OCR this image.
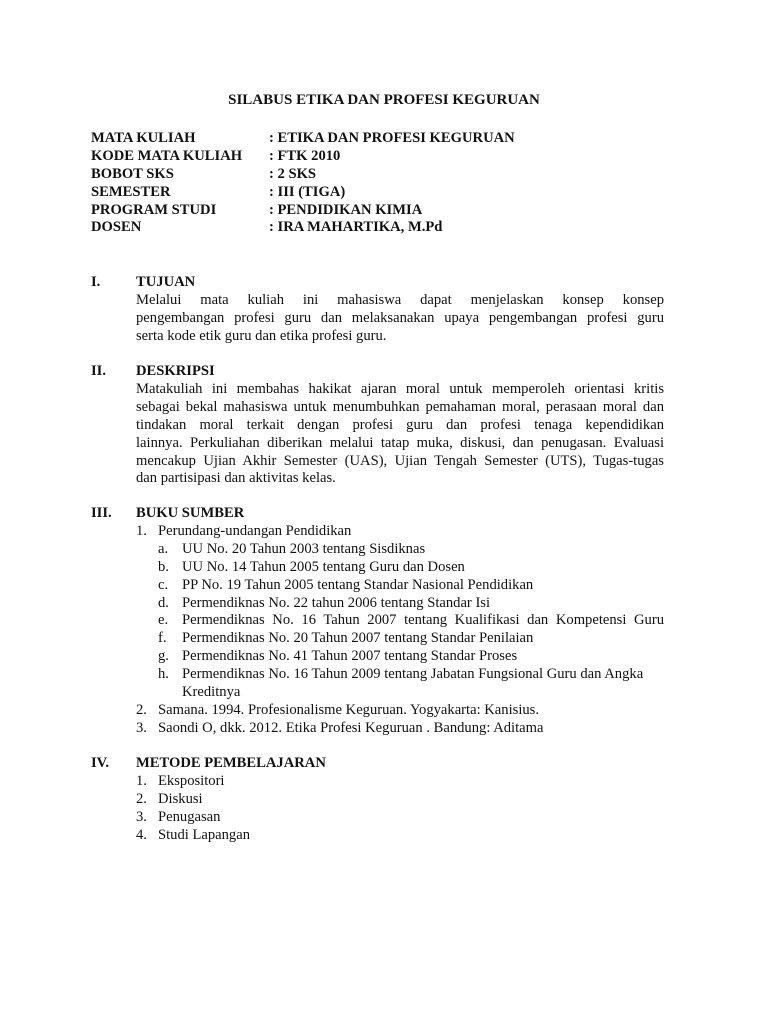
SILABUS ETIKA DAN PROFESI KEGURUAN
MATA KULIAH	: ETIKA DAN PROFESI KEGURUAN
KODE MATA KULIAH : FTK 2010
BOBOT SKS	: 2 SKS
SEMESTER	: III (TIGA)
PROGRAM STUDI	: PENDIDIKAN KIMIA
DOSEN	: IRA MAHARTIKA, M.Pd
I. TUJUAN
Melalui mata kuliah ini mahasiswa dapat menjelaskan konsep konsep
pengembangan profesi guru dan melaksanakan upaya pengembangan profesi guru
serta kode etik guru dan etika profesi guru.
II. DESKRIPSI
Matakuliah ini membahas hakikat ajaran moral untuk memperoleh orientasi kritis
sebagai bekal mahasiswa untuk menumbuhkan pemahaman moral, perasaan moral dan
tindakan moral terkait dengan profesi guru dan profesi tenaga kependidikan
lainnya. Perkuliahan diberikan melalui tatap muka, diskusi, dan penugasan. Evaluasi
mencakup Ujian Akhir Semester (UAS), Ujian Tengah Semester (UTS), Tugas-tugas
dan partisipasi dan aktivitas kelas.
III. BUKU SUMBER
1. Perundang-undangan Pendidikan
a. UU No. 20 Tahun 2003 tentang Sisdiknas
b. UU No. 14 Tahun 2005 tentang Guru dan Dosen
c. PP No. 19 Tahun 2005 tentang Standar Nasional Pendidikan
d. Permendiknas No. 22 tahun 2006 tentang Standar Isi
e. Permendiknas No. 16 Tahun 2007 tentang Kualifikasi dan Kompetensi Guru
f. Permendiknas No. 20 Tahun 2007 tentang Standar Penilaian
g. Permendiknas No. 41 Tahun 2007 tentang Standar Proses
h. Permendiknas No. 16 Tahun 2009 tentang Jabatan Fungsional Guru dan Angka Kreditnya
2. Samana. 1994. Profesionalisme Keguruan. Yogyakarta: Kanisius.
3. Saondi O, dkk. 2012. Etika Profesi Keguruan . Bandung: Aditama
IV. METODE PEMBELAJARAN
1. Ekspositori
2. Diskusi
3. Penugasan
4. Studi Lapangan
